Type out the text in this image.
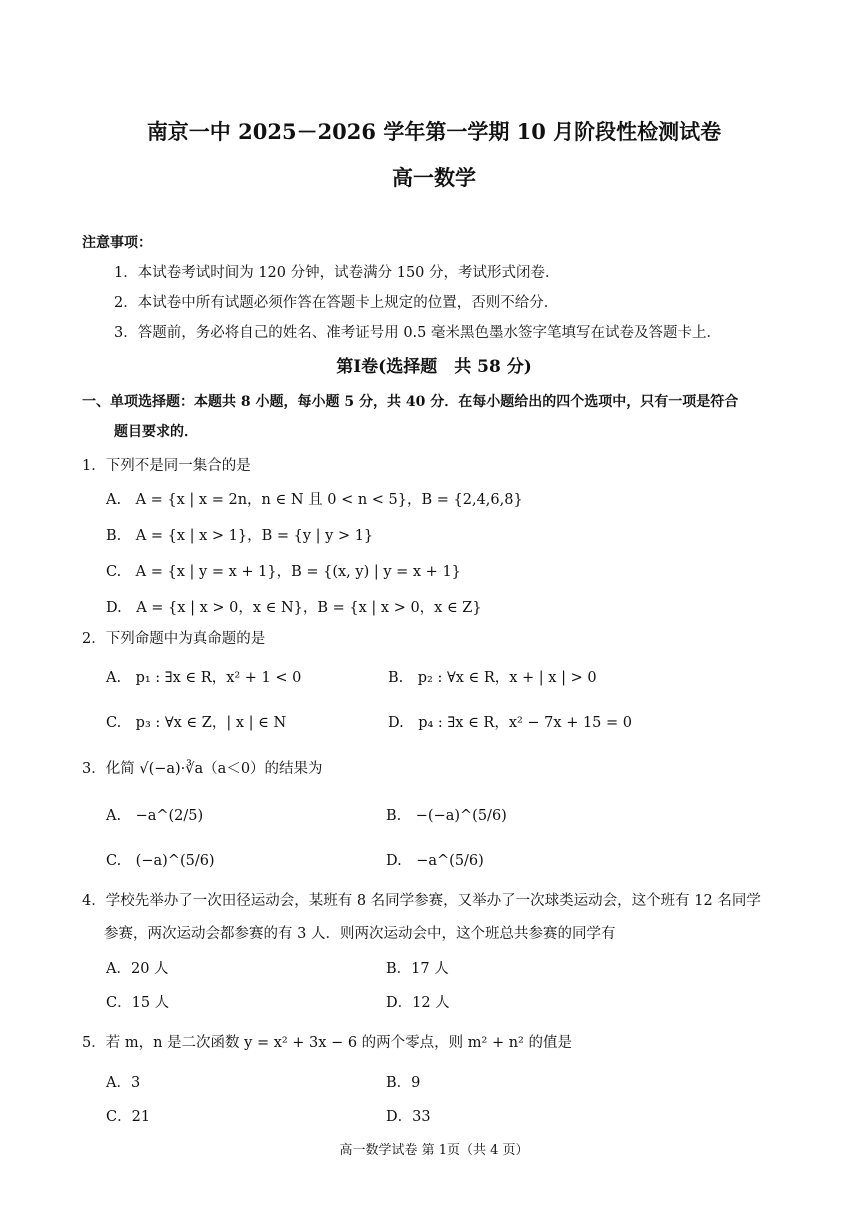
南京一中 2025－2026 学年第一学期 10 月阶段性检测试卷
高一数学
注意事项：
1．本试卷考试时间为 120 分钟，试卷满分 150 分，考试形式闭卷．
2．本试卷中所有试题必须作答在答题卡上规定的位置，否则不给分．
3．答题前，务必将自己的姓名、准考证号用 0.5 毫米黑色墨水签字笔填写在试卷及答题卡上．
第Ⅰ卷(选择题　共 58 分)
一、单项选择题：本题共 8 小题，每小题 5 分，共 40 分．在每小题给出的四个选项中，只有一项是符合
题目要求的．
1．下列不是同一集合的是
A.　A = {x | x = 2n，n ∈ N 且 0 < n < 5}，B = {2,4,6,8}
B.　A = {x | x > 1}，B = {y | y > 1}
C.　A = {x | y = x + 1}，B = {(x, y) | y = x + 1}
D.　A = {x | x > 0，x ∈ N}，B = {x | x > 0，x ∈ Z}
2．下列命题中为真命题的是
A.　p₁ : ∃x ∈ R，x² + 1 < 0	B.　p₂ : ∀x ∈ R，x + | x | > 0
C.　p₃ : ∀x ∈ Z，| x | ∈ N	D.　p₄ : ∃x ∈ R，x² − 7x + 15 = 0
3．化简 √(−a)·∛a（a＜0）的结果为
A.　−a^(2/5)	B.　−(−a)^(5/6)
C.　(−a)^(5/6)	D.　−a^(5/6)
4．学校先举办了一次田径运动会，某班有 8 名同学参赛，又举办了一次球类运动会，这个班有 12 名同学
参赛，两次运动会都参赛的有 3 人．则两次运动会中，这个班总共参赛的同学有
A．20 人	B．17 人
C．15 人	D．12 人
5．若 m，n 是二次函数 y = x² + 3x − 6 的两个零点，则 m² + n² 的值是
A．3	B．9
C．21	D．33
高一数学试卷 第 1页（共 4 页）
